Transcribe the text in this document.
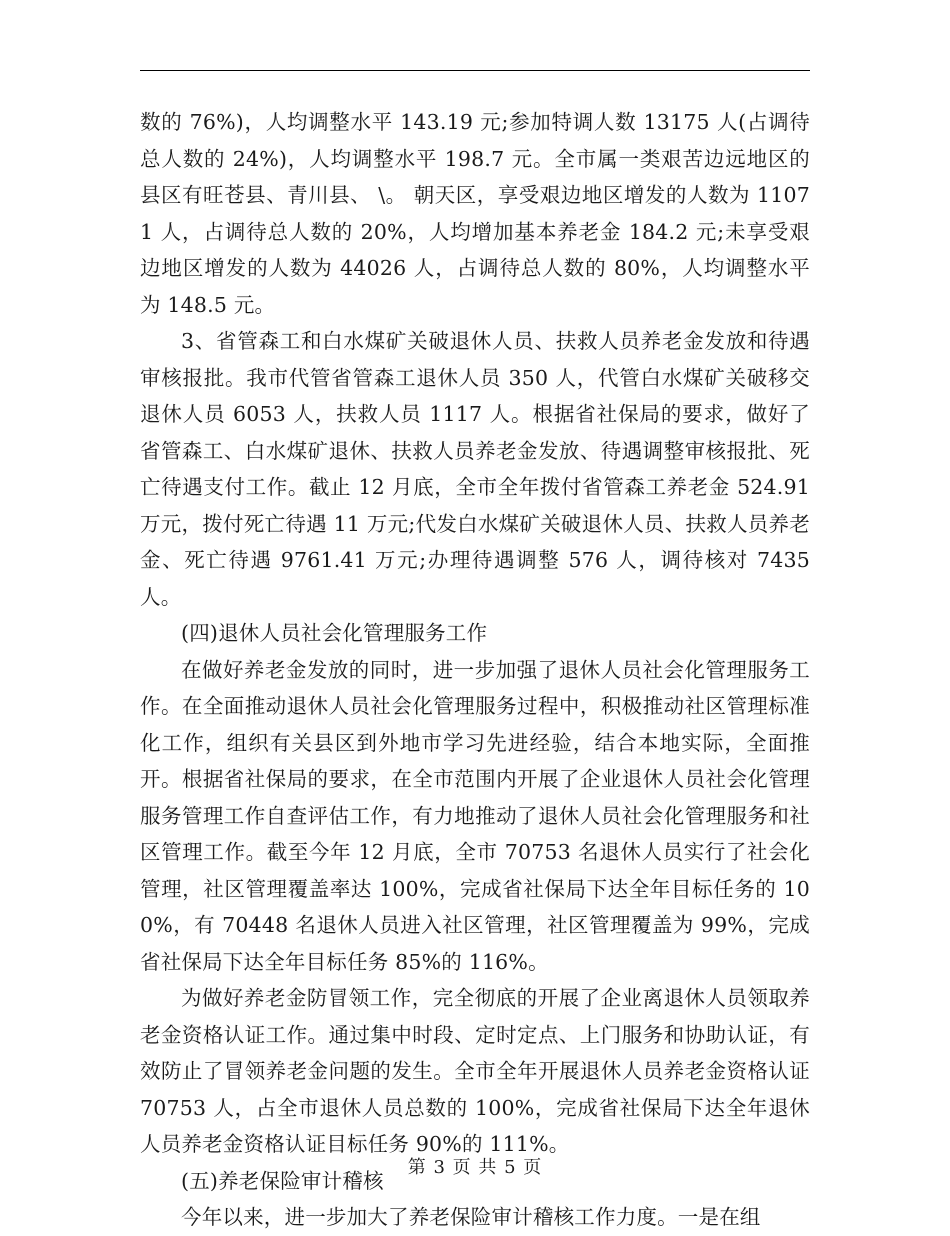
数的 76%)，人均调整水平 143.19 元;参加特调人数 13175 人(占调待总人数的 24%)，人均调整水平 198.7 元。全市属一类艰苦边远地区的县区有旺苍县、青川县、 \。 朝天区，享受艰边地区增发的人数为 11071 人，占调待总人数的 20%，人均增加基本养老金 184.2 元;未享受艰边地区增发的人数为 44026 人，占调待总人数的 80%，人均调整水平为 148.5 元。

3、省管森工和白水煤矿关破退休人员、扶救人员养老金发放和待遇审核报批。我市代管省管森工退休人员 350 人，代管白水煤矿关破移交退休人员 6053 人，扶救人员 1117 人。根据省社保局的要求，做好了省管森工、白水煤矿退休、扶救人员养老金发放、待遇调整审核报批、死亡待遇支付工作。截止 12 月底，全市全年拨付省管森工养老金 524.91 万元，拨付死亡待遇 11 万元;代发白水煤矿关破退休人员、扶救人员养老金、死亡待遇 9761.41 万元;办理待遇调整 576 人，调待核对 7435 人。

(四)退休人员社会化管理服务工作

在做好养老金发放的同时，进一步加强了退休人员社会化管理服务工作。在全面推动退休人员社会化管理服务过程中，积极推动社区管理标准化工作，组织有关县区到外地市学习先进经验，结合本地实际，全面推开。根据省社保局的要求，在全市范围内开展了企业退休人员社会化管理服务管理工作自查评估工作，有力地推动了退休人员社会化管理服务和社区管理工作。截至今年 12 月底，全市 70753 名退休人员实行了社会化管理，社区管理覆盖率达 100%，完成省社保局下达全年目标任务的 100%，有 70448 名退休人员进入社区管理，社区管理覆盖为 99%，完成省社保局下达全年目标任务 85%的 116%。

为做好养老金防冒领工作，完全彻底的开展了企业离退休人员领取养老金资格认证工作。通过集中时段、定时定点、上门服务和协助认证，有效防止了冒领养老金问题的发生。全市全年开展退休人员养老金资格认证 70753 人，占全市退休人员总数的 100%，完成省社保局下达全年退休人员养老金资格认证目标任务 90%的 111%。

(五)养老保险审计稽核

今年以来，进一步加大了养老保险审计稽核工作力度。一是在组

第 3 页 共 5 页
